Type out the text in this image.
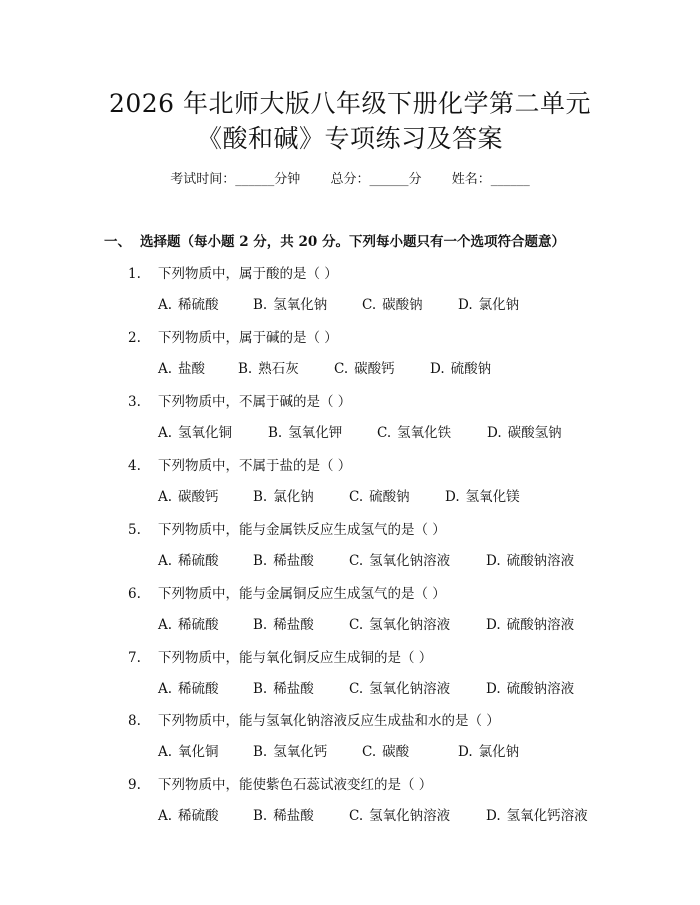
2026 年北师大版八年级下册化学第二单元
《酸和碱》专项练习及答案
考试时间：______分钟 总分：______分 姓名：______
一、 选择题（每小题 2 分，共 20 分。下列每小题只有一个选项符合题意）
1. 下列物质中，属于酸的是（ ）
A. 稀硫酸	B. 氢氧化钠	C. 碳酸钠	D. 氯化钠
2. 下列物质中，属于碱的是（ ）
A. 盐酸 B. 熟石灰	C. 碳酸钙	D. 硫酸钠
3. 下列物质中，不属于碱的是（ ）
A. 氢氧化铜	B. 氢氧化钾	C. 氢氧化铁	D. 碳酸氢钠
4. 下列物质中，不属于盐的是（ ）
A. 碳酸钙	B. 氯化钠	C. 硫酸钠	D. 氢氧化镁
5. 下列物质中，能与金属铁反应生成氢气的是（ ）
A. 稀硫酸	B. 稀盐酸	C. 氢氧化钠溶液	D. 硫酸钠溶液
6. 下列物质中，能与金属铜反应生成氢气的是（ ）
A. 稀硫酸	B. 稀盐酸	C. 氢氧化钠溶液	D. 硫酸钠溶液
7. 下列物质中，能与氧化铜反应生成铜的是（ ）
A. 稀硫酸	B. 稀盐酸	C. 氢氧化钠溶液	D. 硫酸钠溶液
8. 下列物质中，能与氢氧化钠溶液反应生成盐和水的是（ ）
A. 氧化铜	B. 氢氧化钙	C. 碳酸	D. 氯化钠
9. 下列物质中，能使紫色石蕊试液变红的是（ ）
A. 稀硫酸	B. 稀盐酸	C. 氢氧化钠溶液	D. 氢氧化钙溶液
